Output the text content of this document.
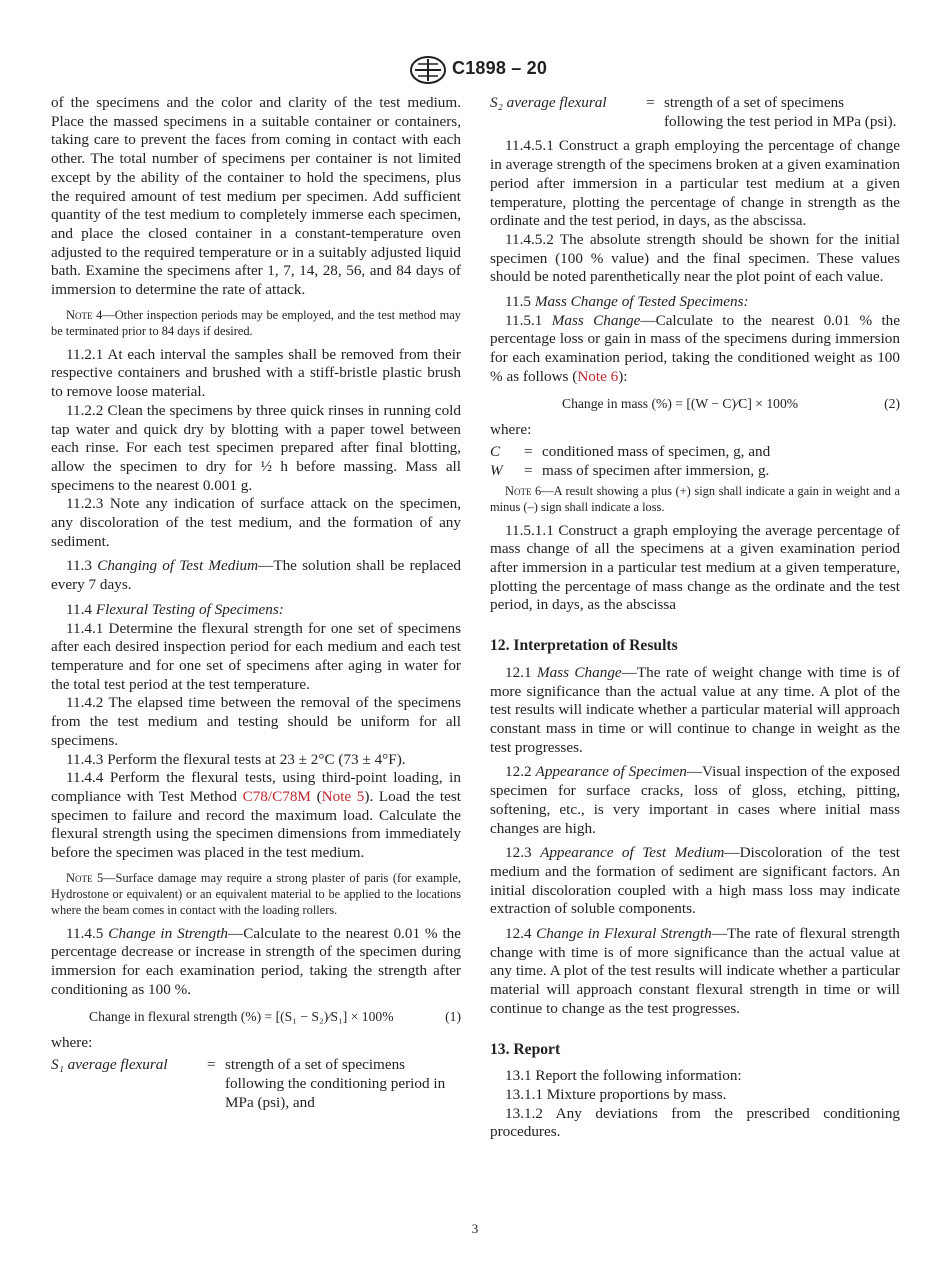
C1898 – 20

of the specimens and the color and clarity of the test medium. Place the massed specimens in a suitable container or containers, taking care to prevent the faces from coming in contact with each other. The total number of specimens per container is not limited except by the ability of the container to hold the specimens, plus the required amount of test medium per specimen. Add sufficient quantity of the test medium to completely immerse each specimen, and place the closed container in a constant-temperature oven adjusted to the required temperature or in a suitably adjusted liquid bath. Examine the specimens after 1, 7, 14, 28, 56, and 84 days of immersion to determine the rate of attack.

Note 4—Other inspection periods may be employed, and the test method may be terminated prior to 84 days if desired.

11.2.1 At each interval the samples shall be removed from their respective containers and brushed with a stiff-bristle plastic brush to remove loose material.

11.2.2 Clean the specimens by three quick rinses in running cold tap water and quick dry by blotting with a paper towel between each rinse. For each test specimen prepared after final blotting, allow the specimen to dry for ½ h before massing. Mass all specimens to the nearest 0.001 g.

11.2.3 Note any indication of surface attack on the specimen, any discoloration of the test medium, and the formation of any sediment.

11.3 Changing of Test Medium—The solution shall be replaced every 7 days.

11.4 Flexural Testing of Specimens:

11.4.1 Determine the flexural strength for one set of specimens after each desired inspection period for each medium and each test temperature and for one set of specimens after aging in water for the total test period at the test temperature.

11.4.2 The elapsed time between the removal of the specimens from the test medium and testing should be uniform for all specimens.

11.4.3 Perform the flexural tests at 23 ± 2°C (73 ± 4°F).

11.4.4 Perform the flexural tests, using third-point loading, in compliance with Test Method C78/C78M (Note 5). Load the test specimen to failure and record the maximum load. Calculate the flexural strength using the specimen dimensions from immediately before the specimen was placed in the test medium.

Note 5—Surface damage may require a strong plaster of paris (for example, Hydrostone or equivalent) or an equivalent material to be applied to the locations where the beam comes in contact with the loading rollers.

11.4.5 Change in Strength—Calculate to the nearest 0.01 % the percentage decrease or increase in strength of the specimen during immersion for each examination period, taking the strength after conditioning as 100 %.

Change in flexural strength (%) = [(S₁ − S₂)⁄S₁] × 100%	(1)

where:

S₁ average flexural	= strength of a set of specimens following the conditioning period in MPa (psi), and
S₂ average flexural	= strength of a set of specimens following the test period in MPa (psi).

11.4.5.1 Construct a graph employing the percentage of change in average strength of the specimens broken at a given examination period after immersion in a particular test medium at a given temperature, plotting the percentage of change in strength as the ordinate and the test period, in days, as the abscissa.

11.4.5.2 The absolute strength should be shown for the initial specimen (100 % value) and the final specimen. These values should be noted parenthetically near the plot point of each value.

11.5 Mass Change of Tested Specimens:

11.5.1 Mass Change—Calculate to the nearest 0.01 % the percentage loss or gain in mass of the specimens during immersion for each examination period, taking the conditioned weight as 100 % as follows (Note 6):

Change in mass (%) = [(W − C)⁄C] × 100%	(2)

where:

C	= conditioned mass of specimen, g, and
W	= mass of specimen after immersion, g.

Note 6—A result showing a plus (+) sign shall indicate a gain in weight and a minus (–) sign shall indicate a loss.

11.5.1.1 Construct a graph employing the average percentage of mass change of all the specimens at a given examination period after immersion in a particular test medium at a given temperature, plotting the percentage of mass change as the ordinate and the test period, in days, as the abscissa

12. Interpretation of Results

12.1 Mass Change—The rate of weight change with time is of more significance than the actual value at any time. A plot of the test results will indicate whether a particular material will approach constant mass in time or will continue to change in weight as the test progresses.

12.2 Appearance of Specimen—Visual inspection of the exposed specimen for surface cracks, loss of gloss, etching, pitting, softening, etc., is very important in cases where initial mass changes are high.

12.3 Appearance of Test Medium—Discoloration of the test medium and the formation of sediment are significant factors. An initial discoloration coupled with a high mass loss may indicate extraction of soluble components.

12.4 Change in Flexural Strength—The rate of flexural strength change with time is of more significance than the actual value at any time. A plot of the test results will indicate whether a particular material will approach constant flexural strength in time or will continue to change as the test progresses.

13. Report

13.1 Report the following information:

13.1.1 Mixture proportions by mass.

13.1.2 Any deviations from the prescribed conditioning procedures.

3
